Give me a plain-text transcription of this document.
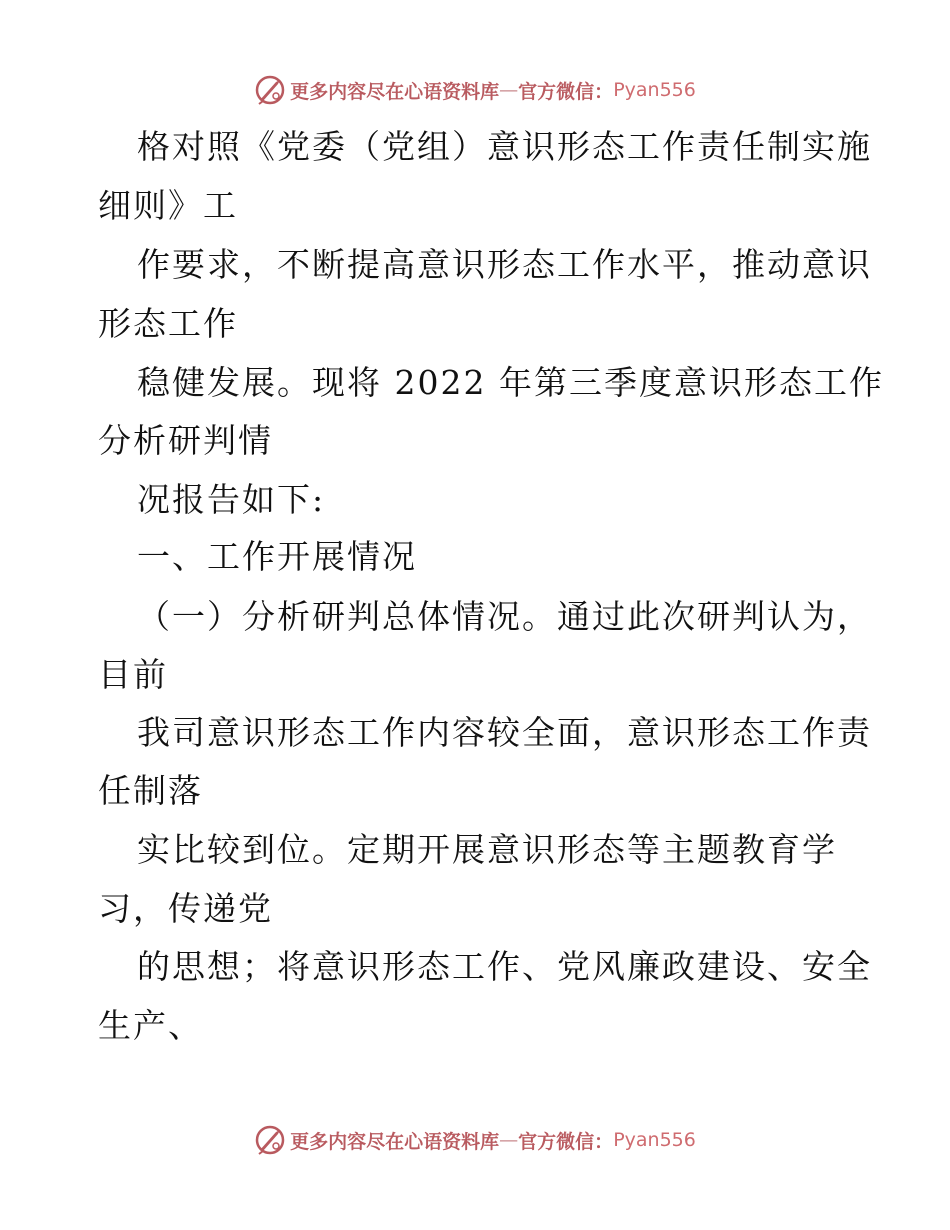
更多内容尽在心语资料库 — 官方微信： Pyan556
格对照《党委（党组）意识形态工作责任制实施
细则》工
作要求，不断提高意识形态工作水平，推动意识
形态工作
稳健发展。现将 2022 年第三季度意识形态工作
分析研判情
况报告如下:
一、工作开展情况
（一）分析研判总体情况。通过此次研判认为，
目前
我司意识形态工作内容较全面，意识形态工作责
任制落
实比较到位。定期开展意识形态等主题教育学
习，传递党
的思想；将意识形态工作、党风廉政建设、安全
生产、
更多内容尽在心语资料库 — 官方微信： Pyan556
